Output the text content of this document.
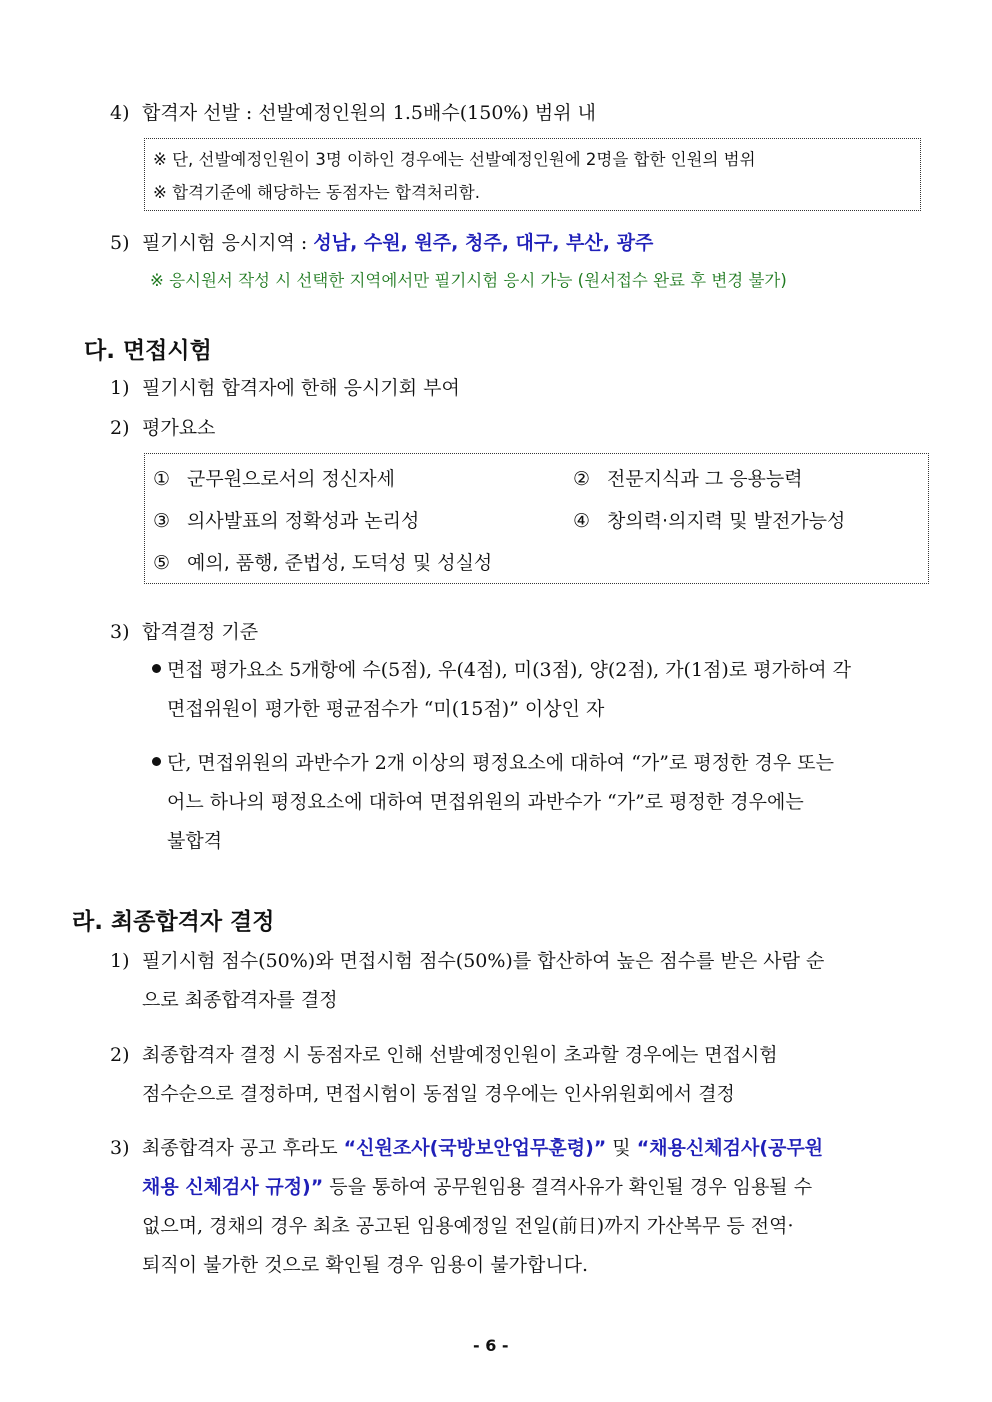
4) 합격자 선발 : 선발예정인원의 1.5배수(150%) 범위 내
※ 단, 선발예정인원이 3명 이하인 경우에는 선발예정인원에 2명을 합한 인원의 범위
※ 합격기준에 해당하는 동점자는 합격처리함.
5) 필기시험 응시지역 : 성남, 수원, 원주, 청주, 대구, 부산, 광주
※ 응시원서 작성 시 선택한 지역에서만 필기시험 응시 가능 (원서접수 완료 후 변경 불가)
다. 면접시험
1) 필기시험 합격자에 한해 응시기회 부여
2) 평가요소
① 군무원으로서의 정신자세	② 전문지식과 그 응용능력
③ 의사발표의 정확성과 논리성	④ 창의력·의지력 및 발전가능성
⑤ 예의, 품행, 준법성, 도덕성 및 성실성
3) 합격결정 기준
면접 평가요소 5개항에 수(5점), 우(4점), 미(3점), 양(2점), 가(1점)로 평가하여 각
면접위원이 평가한 평균점수가 “미(15점)” 이상인 자
단, 면접위원의 과반수가 2개 이상의 평정요소에 대하여 “가”로 평정한 경우 또는
어느 하나의 평정요소에 대하여 면접위원의 과반수가 “가”로 평정한 경우에는
불합격
라. 최종합격자 결정
1) 필기시험 점수(50%)와 면접시험 점수(50%)를 합산하여 높은 점수를 받은 사람 순
으로 최종합격자를 결정
2) 최종합격자 결정 시 동점자로 인해 선발예정인원이 초과할 경우에는 면접시험
점수순으로 결정하며, 면접시험이 동점일 경우에는 인사위원회에서 결정
3) 최종합격자 공고 후라도 “신원조사(국방보안업무훈령)” 및 “채용신체검사(공무원
채용 신체검사 규정)” 등을 통하여 공무원임용 결격사유가 확인될 경우 임용될 수
없으며, 경채의 경우 최초 공고된 임용예정일 전일(前日)까지 가산복무 등 전역·
퇴직이 불가한 것으로 확인될 경우 임용이 불가합니다.
- 6 -
